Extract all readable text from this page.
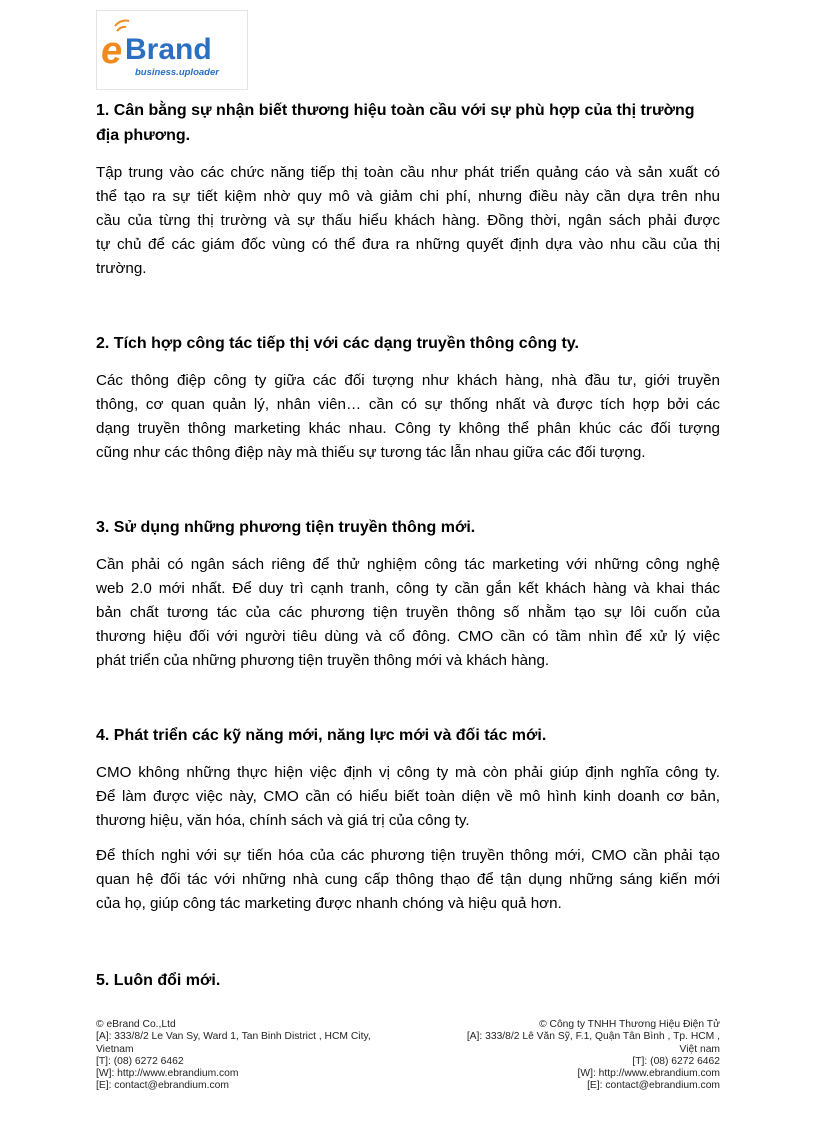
e Brand
business.uploader
1. Cân bằng sự nhận biết thương hiệu toàn cầu với sự phù hợp của thị trường
địa phương.
Tập trung vào các chức năng tiếp thị toàn cầu như phát triển quảng cáo và sản xuất có
thể tạo ra sự tiết kiệm nhờ quy mô và giảm chi phí, nhưng điều này cần dựa trên nhu
cầu của từng thị trường và sự thấu hiểu khách hàng. Đồng thời, ngân sách phải được
tự chủ để các giám đốc vùng có thể đưa ra những quyết định dựa vào nhu cầu của thị
trường.
2. Tích hợp công tác tiếp thị với các dạng truyền thông công ty.
Các thông điệp công ty giữa các đối tượng như khách hàng, nhà đầu tư, giới truyền
thông, cơ quan quản lý, nhân viên… cần có sự thống nhất và được tích hợp bởi các
dạng truyền thông marketing khác nhau. Công ty không thể phân khúc các đối tượng
cũng như các thông điệp này mà thiếu sự tương tác lẫn nhau giữa các đối tượng.
3. Sử dụng những phương tiện truyền thông mới.
Cần phải có ngân sách riêng để thử nghiệm công tác marketing với những công nghệ
web 2.0 mới nhất. Để duy trì cạnh tranh, công ty cần gắn kết khách hàng và khai thác
bản chất tương tác của các phương tiện truyền thông số nhằm tạo sự lôi cuốn của
thương hiệu đối với người tiêu dùng và cổ đông. CMO cần có tầm nhìn để xử lý việc
phát triển của những phương tiện truyền thông mới và khách hàng.
4. Phát triển các kỹ năng mới, năng lực mới và đối tác mới.
CMO không những thực hiện việc định vị công ty mà còn phải giúp định nghĩa công ty.
Để làm được việc này, CMO cần có hiểu biết toàn diện về mô hình kinh doanh cơ bản,
thương hiệu, văn hóa, chính sách và giá trị của công ty.
Để thích nghi với sự tiến hóa của các phương tiện truyền thông mới, CMO cần phải tạo
quan hệ đối tác với những nhà cung cấp thông thạo để tận dụng những sáng kiến mới
của họ, giúp công tác marketing được nhanh chóng và hiệu quả hơn.
5. Luôn đổi mới.
© eBrand Co.,Ltd
[A]: 333/8/2 Le Van Sy, Ward 1, Tan Binh District , HCM City,
Vietnam
[T]: (08) 6272 6462
[W]: http://www.ebrandium.com
[E]: contact@ebrandium.com
© Công ty TNHH Thương Hiệu Điện Tử
[A]: 333/8/2 Lê Văn Sỹ, F.1, Quận Tân Bình , Tp. HCM ,
Việt nam
[T]: (08) 6272 6462
[W]: http://www.ebrandium.com
[E]: contact@ebrandium.com
